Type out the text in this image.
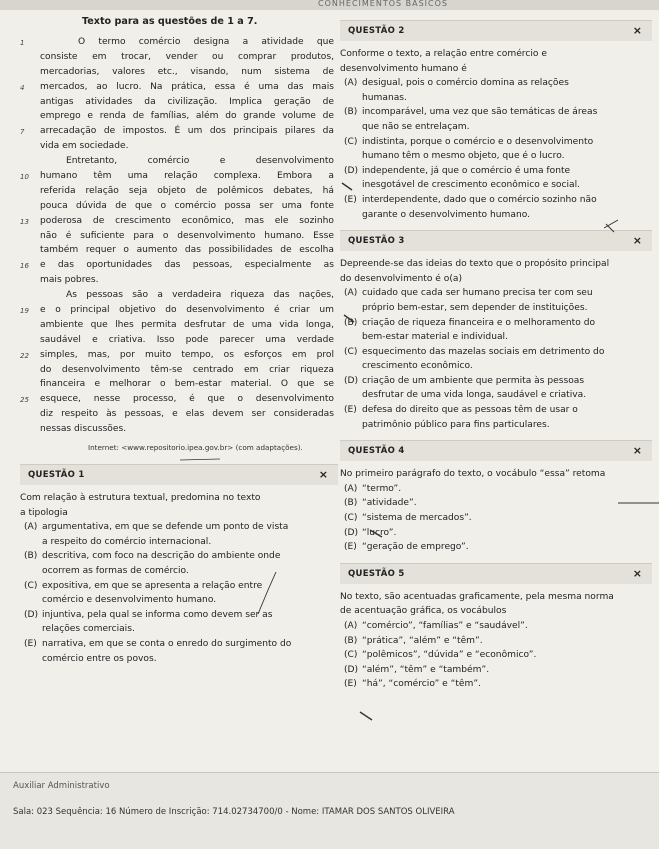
CONHECIMENTOS BÁSICOS
Texto para as questões de 1 a 7.
1	O termo comércio designa a atividade que
consiste em trocar, vender ou comprar produtos,
mercadorias, valores etc., visando, num sistema de
4	mercados, ao lucro. Na prática, essa é uma das mais
antigas atividades da civilização. Implica geração de
emprego e renda de famílias, além do grande volume de
7	arrecadação de impostos. É um dos principais pilares da
vida em sociedade.
Entretanto, comércio e desenvolvimento
10	humano têm uma relação complexa. Embora a
referida relação seja objeto de polêmicos debates, há
pouca dúvida de que o comércio possa ser uma fonte
13	poderosa de crescimento econômico, mas ele sozinho
não é suficiente para o desenvolvimento humano. Esse
também requer o aumento das possibilidades de escolha
16	e das oportunidades das pessoas, especialmente as
mais pobres.
As pessoas são a verdadeira riqueza das nações,
19	e o principal objetivo do desenvolvimento é criar um
ambiente que lhes permita desfrutar de uma vida longa,
saudável e criativa. Isso pode parecer uma verdade
22	simples, mas, por muito tempo, os esforços em prol
do desenvolvimento têm-se centrado em criar riqueza
financeira e melhorar o bem-estar material. O que se
25	esquece, nesse processo, é que o desenvolvimento
diz respeito às pessoas, e elas devem ser consideradas
nessas discussões.
Internet: <www.repositorio.ipea.gov.br> (com adaptações).
QUESTÃO 1	×
Com relação à estrutura textual, predomina no texto
a tipologia
(A) argumentativa, em que se defende um ponto de vista
a respeito do comércio internacional.
(B) descritiva, com foco na descrição do ambiente onde
ocorrem as formas de comércio.
(C) expositiva, em que se apresenta a relação entre
comércio e desenvolvimento humano.
(D) injuntiva, pela qual se informa como devem ser as
relações comerciais.
(E) narrativa, em que se conta o enredo do surgimento do
comércio entre os povos.
QUESTÃO 2	×
Conforme o texto, a relação entre comércio e
desenvolvimento humano é
(A) desigual, pois o comércio domina as relações
humanas.
(B) incomparável, uma vez que são temáticas de áreas
que não se entrelaçam.
(C) indistinta, porque o comércio e o desenvolvimento
humano têm o mesmo objeto, que é o lucro.
(D) independente, já que o comércio é uma fonte
inesgotável de crescimento econômico e social.
(E) interdependente, dado que o comércio sozinho não
garante o desenvolvimento humano.
QUESTÃO 3	×
Depreende-se das ideias do texto que o propósito principal
do desenvolvimento é o(a)
(A) cuidado que cada ser humano precisa ter com seu
próprio bem-estar, sem depender de instituições.
(B) criação de riqueza financeira e o melhoramento do
bem-estar material e individual.
(C) esquecimento das mazelas sociais em detrimento do
crescimento econômico.
(D) criação de um ambiente que permita às pessoas
desfrutar de uma vida longa, saudável e criativa.
(E) defesa do direito que as pessoas têm de usar o
patrimônio público para fins particulares.
QUESTÃO 4	×
No primeiro parágrafo do texto, o vocábulo “essa” retoma
(A) “termo”.
(B) “atividade”.
(C) “sistema de mercados”.
(D) “lucro”.
(E) “geração de emprego”.
QUESTÃO 5	×
No texto, são acentuadas graficamente, pela mesma norma
de acentuação gráfica, os vocábulos
(A) “comércio”, “famílias” e “saudável”.
(B) “prática”, “além” e “têm”.
(C) “polêmicos”, “dúvida” e “econômico”.
(D) “além”, “têm” e “também”.
(E) “há”, “comércio” e “têm”.
Auxiliar Administrativo
Sala: 023 Sequência: 16 Número de Inscrição: 714.02734700/0 - Nome: ITAMAR DOS SANTOS OLIVEIRA
